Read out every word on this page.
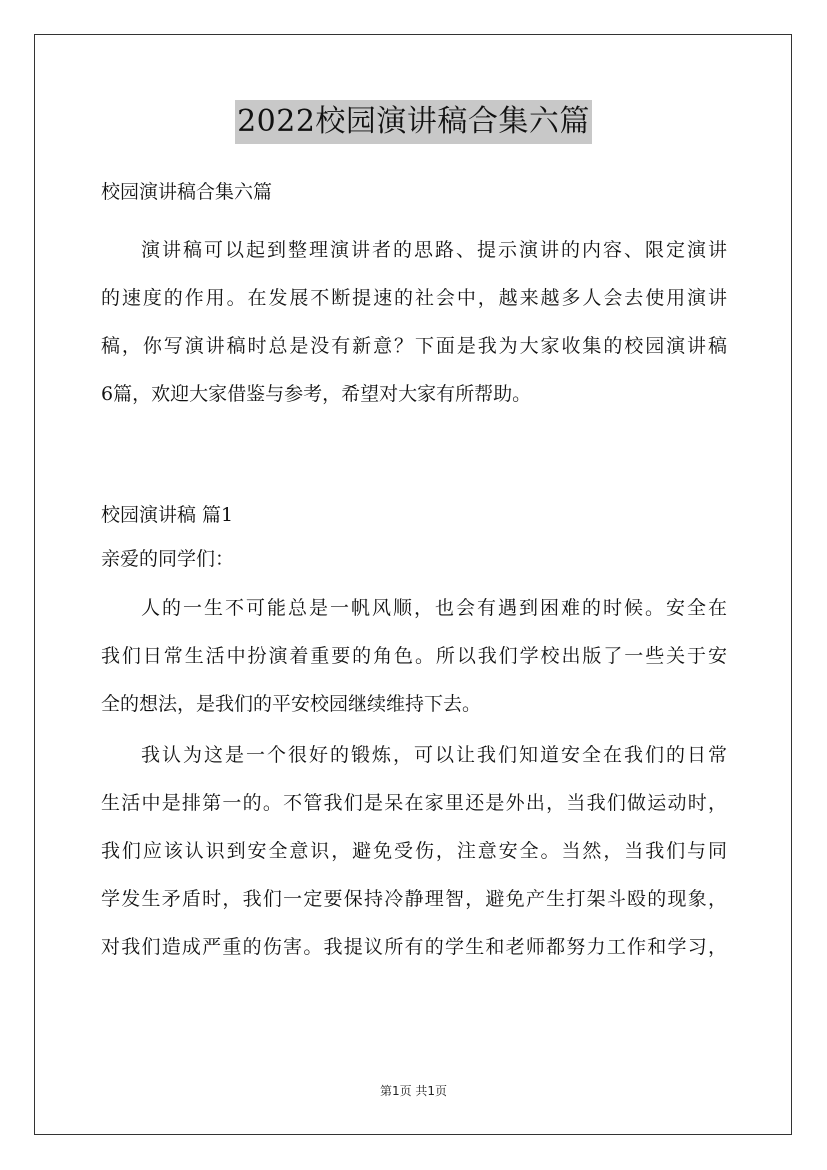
2022校园演讲稿合集六篇
校园演讲稿合集六篇
演讲稿可以起到整理演讲者的思路、提示演讲的内容、限定演讲
的速度的作用。在发展不断提速的社会中，越来越多人会去使用演讲
稿，你写演讲稿时总是没有新意？下面是我为大家收集的校园演讲稿
6篇，欢迎大家借鉴与参考，希望对大家有所帮助。
校园演讲稿 篇1
亲爱的同学们：
人的一生不可能总是一帆风顺，也会有遇到困难的时候。安全在
我们日常生活中扮演着重要的角色。所以我们学校出版了一些关于安
全的想法，是我们的平安校园继续维持下去。
我认为这是一个很好的锻炼，可以让我们知道安全在我们的日常
生活中是排第一的。不管我们是呆在家里还是外出，当我们做运动时，
我们应该认识到安全意识，避免受伤，注意安全。当然，当我们与同
学发生矛盾时，我们一定要保持冷静理智，避免产生打架斗殴的现象，
对我们造成严重的伤害。我提议所有的学生和老师都努力工作和学习，
第1页 共1页
